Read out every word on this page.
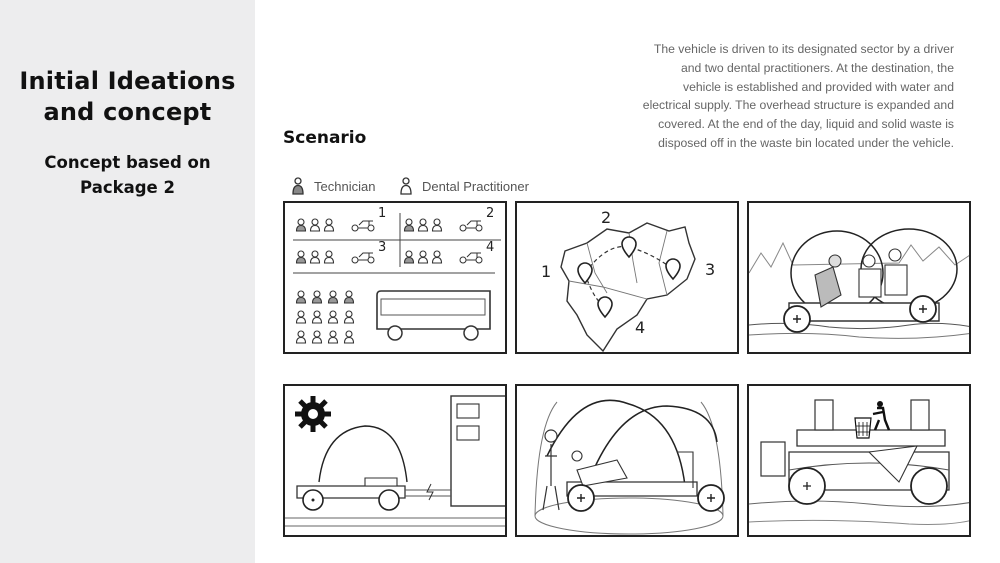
Initial Ideations
and concept
Concept based on
Package 2
Scenario
The vehicle is driven to its designated sector by a driver
and two dental practitioners. At the destination, the
vehicle is established and provided with water and
electrical supply. The overhead structure is expanded and
covered. At the end of the day, liquid and solid waste is
disposed off in the waste bin located under the vehicle.
Technician	Dental Practitioner
1	2
3	4
1
2
3
4
